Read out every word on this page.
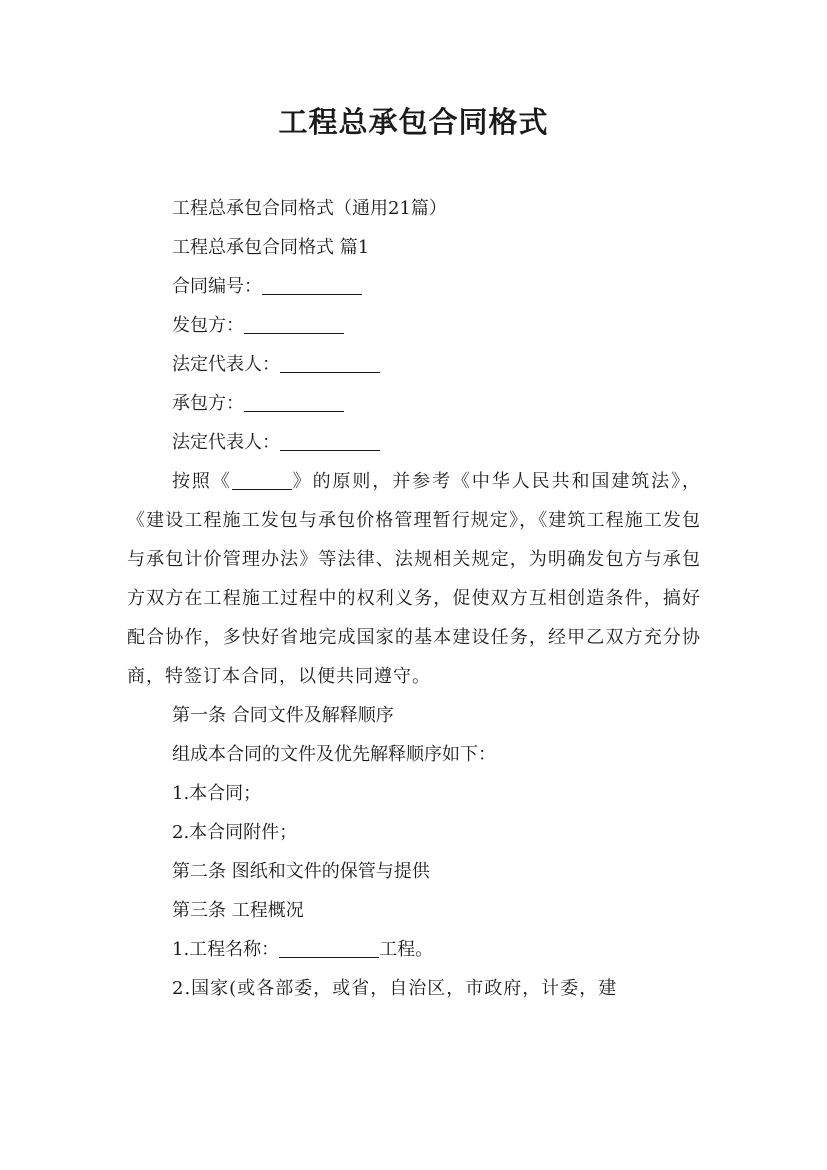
工程总承包合同格式

工程总承包合同格式（通用21篇）

工程总承包合同格式 篇1

合同编号：

发包方：

法定代表人：

承包方：

法定代表人：

按照《	》的原则，并参考《中华人民共和国建筑法》，《建设工程施工发包与承包价格管理暂行规定》，《建筑工程施工发包与承包计价管理办法》等法律、法规相关规定，为明确发包方与承包方双方在工程施工过程中的权利义务，促使双方互相创造条件，搞好配合协作，多快好省地完成国家的基本建设任务，经甲乙双方充分协商，特签订本合同，以便共同遵守。

第一条 合同文件及解释顺序

组成本合同的文件及优先解释顺序如下：

1.本合同；

2.本合同附件；

第二条 图纸和文件的保管与提供

第三条 工程概况

1.工程名称：	工程。

2.国家(或各部委，或省，自治区，市政府，计委，建
